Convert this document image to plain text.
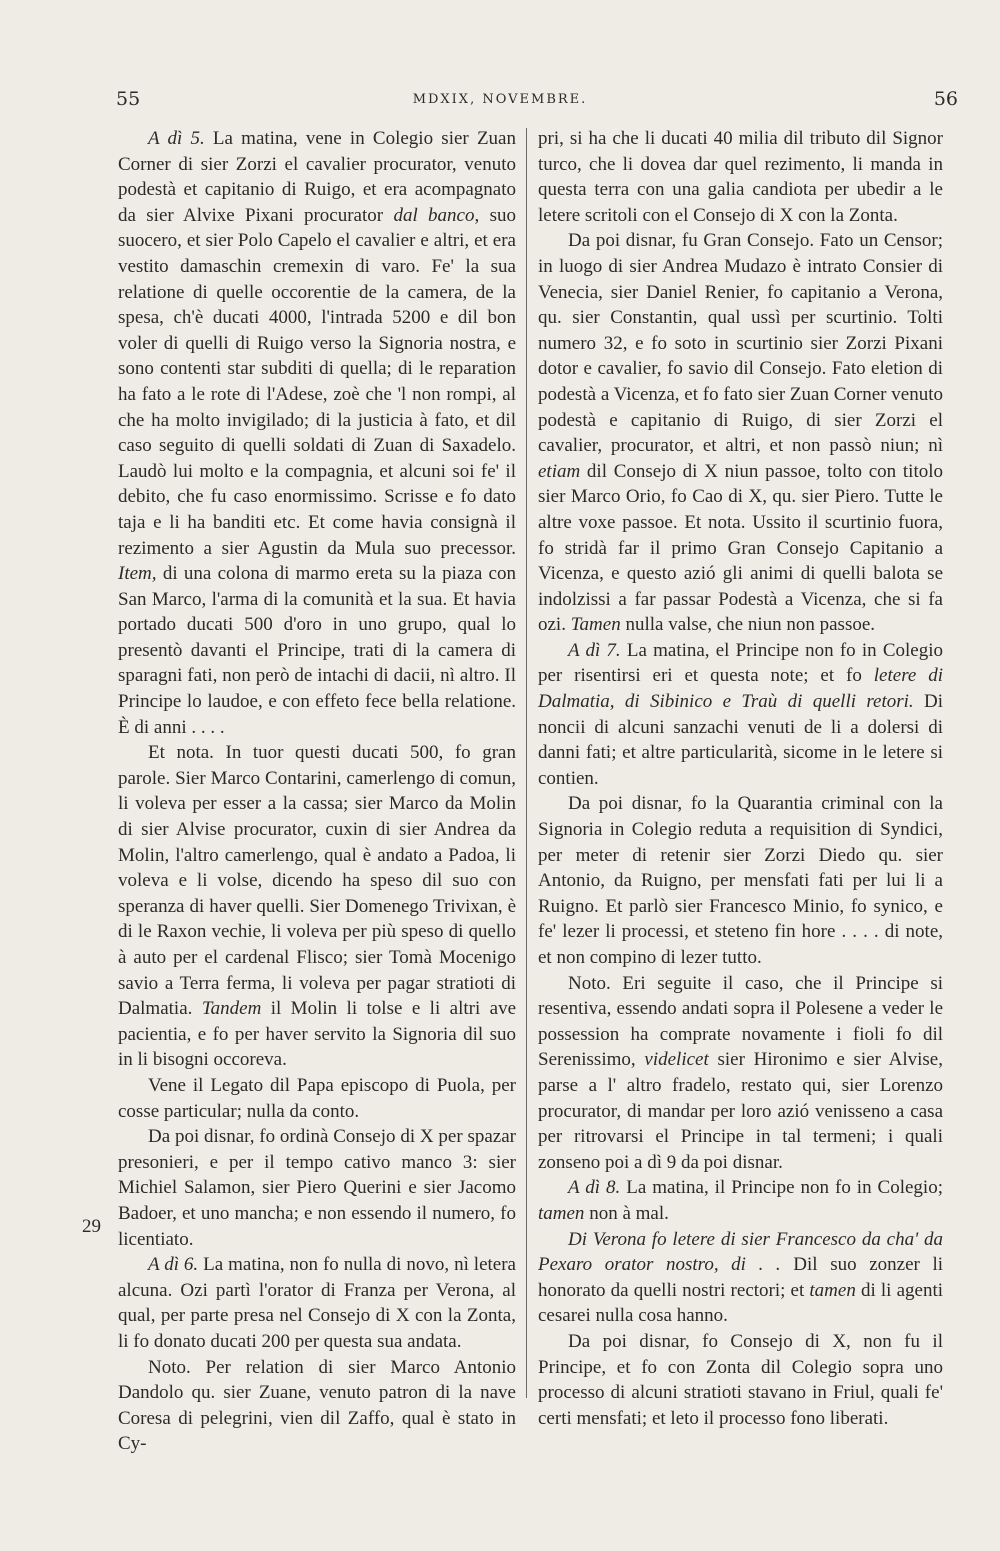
55	MDXIX, NOVEMBRE.	56
29

A dì 5. La matina, vene in Colegio sier Zuan Corner di sier Zorzi el cavalier procurator, venuto podestà et capitanio di Ruigo, et era acompagnato da sier Alvixe Pixani procurator dal banco, suo suocero, et sier Polo Capelo el cavalier e altri, et era vestito damaschin cremexin di varo. Fe' la sua relatione di quelle occorentie de la camera, de la spesa, ch'è ducati 4000, l'intrada 5200 e dil bon voler di quelli di Ruigo verso la Signoria nostra, e sono contenti star subditi di quella; di le reparation ha fato a le rote di l'Adese, zoè che 'l non rompi, al che ha molto invigilado; di la justicia à fato, et dil caso seguito di quelli soldati di Zuan di Saxadelo. Laudò lui molto e la compagnia, et alcuni soi fe' il debito, che fu caso enormissimo. Scrisse e fo dato taja e li ha banditi etc. Et come havia consignà il rezimento a sier Agustin da Mula suo precessor. Item, di una colona di marmo ereta su la piaza con San Marco, l'arma di la comunità et la sua. Et havia portado ducati 500 d'oro in uno grupo, qual lo presentò davanti el Principe, trati di la camera di sparagni fati, non però de intachi di dacii, nì altro. Il Principe lo laudoe, e con effeto fece bella relatione. È di anni . . . .

Et nota. In tuor questi ducati 500, fo gran parole. Sier Marco Contarini, camerlengo di comun, li voleva per esser a la cassa; sier Marco da Molin di sier Alvise procurator, cuxin di sier Andrea da Molin, l'altro camerlengo, qual è andato a Padoa, li voleva e li volse, dicendo ha speso dil suo con speranza di haver quelli. Sier Domenego Trivixan, è di le Raxon vechie, li voleva per più speso di quello à auto per el cardenal Flisco; sier Tomà Mocenigo savio a Terra ferma, li voleva per pagar stratioti di Dalmatia. Tandem il Molin li tolse e li altri ave pacientia, e fo per haver servito la Signoria dil suo in li bisogni occoreva.

Vene il Legato dil Papa episcopo di Puola, per cosse particular; nulla da conto.

Da poi disnar, fo ordinà Consejo di X per spazar presonieri, e per il tempo cativo manco 3: sier Michiel Salamon, sier Piero Querini e sier Jacomo Badoer, et uno mancha; e non essendo il numero, fo licentiato.

A dì 6. La matina, non fo nulla di novo, nì letera alcuna. Ozi partì l'orator di Franza per Verona, al qual, per parte presa nel Consejo di X con la Zonta, li fo donato ducati 200 per questa sua andata.

Noto. Per relation di sier Marco Antonio Dandolo qu. sier Zuane, venuto patron di la nave Coresa di pelegrini, vien dil Zaffo, qual è stato in Cy-

pri, si ha che li ducati 40 milia dil tributo dil Signor turco, che li dovea dar quel rezimento, li manda in questa terra con una galia candiota per ubedir a le letere scritoli con el Consejo di X con la Zonta.

Da poi disnar, fu Gran Consejo. Fato un Censor; in luogo di sier Andrea Mudazo è intrato Consier di Venecia, sier Daniel Renier, fo capitanio a Verona, qu. sier Constantin, qual ussì per scurtinio. Tolti numero 32, e fo soto in scurtinio sier Zorzi Pixani dotor e cavalier, fo savio dil Consejo. Fato eletion di podestà a Vicenza, et fo fato sier Zuan Corner venuto podestà e capitanio di Ruigo, di sier Zorzi el cavalier, procurator, et altri, et non passò niun; nì etiam dil Consejo di X niun passoe, tolto con titolo sier Marco Orio, fo Cao di X, qu. sier Piero. Tutte le altre voxe passoe. Et nota. Ussito il scurtinio fuora, fo stridà far il primo Gran Consejo Capitanio a Vicenza, e questo azió gli animi di quelli balota se indolzissi a far passar Podestà a Vicenza, che si fa ozi. Tamen nulla valse, che niun non passoe.

A dì 7. La matina, el Principe non fo in Colegio per risentirsi eri et questa note; et fo letere di Dalmatia, di Sibinico e Traù di quelli retori. Di noncii di alcuni sanzachi venuti de li a dolersi di danni fati; et altre particularità, sicome in le letere si contien.

Da poi disnar, fo la Quarantia criminal con la Signoria in Colegio reduta a requisition di Syndici, per meter di retenir sier Zorzi Diedo qu. sier Antonio, da Ruigno, per mensfati fati per lui li a Ruigno. Et parlò sier Francesco Minio, fo synico, e fe' lezer li processi, et steteno fin hore . . . . di note, et non compino di lezer tutto.

Noto. Eri seguite il caso, che il Principe si resentiva, essendo andati sopra il Polesene a veder le possession ha comprate novamente i fioli fo dil Serenissimo, videlicet sier Hironimo e sier Alvise, parse a l' altro fradelo, restato qui, sier Lorenzo procurator, di mandar per loro azió venisseno a casa per ritrovarsi el Principe in tal termeni; i quali zonseno poi a dì 9 da poi disnar.

A dì 8. La matina, il Principe non fo in Colegio; tamen non à mal.

Di Verona fo letere di sier Francesco da cha' da Pexaro orator nostro, di . . Dil suo zonzer li honorato da quelli nostri rectori; et tamen di li agenti cesarei nulla cosa hanno.

Da poi disnar, fo Consejo di X, non fu il Principe, et fo con Zonta dil Colegio sopra uno processo di alcuni stratioti stavano in Friul, quali fe' certi mensfati; et leto il processo fono liberati.
